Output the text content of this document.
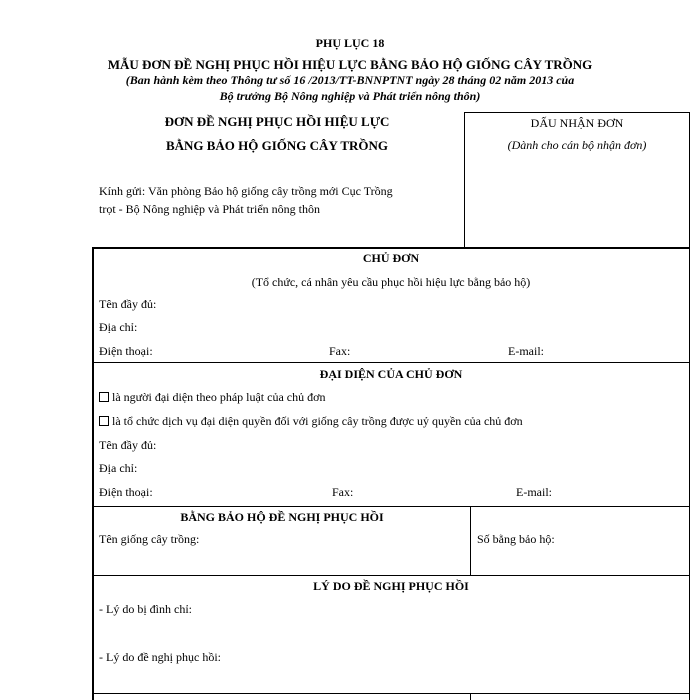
PHỤ LỤC 18
MẪU ĐƠN ĐỀ NGHỊ PHỤC HỒI HIỆU LỰC BẰNG BẢO HỘ GIỐNG CÂY TRỒNG
(Ban hành kèm theo Thông tư số 16 /2013/TT-BNNPTNT ngày 28 tháng 02 năm 2013 của
Bộ trưởng Bộ Nông nghiệp và Phát triển nông thôn)
ĐƠN ĐỀ NGHỊ PHỤC HỒI HIỆU LỰC
BẰNG BẢO HỘ GIỐNG CÂY TRỒNG
Kính gửi: Văn phòng Bảo hộ giống cây trồng mới Cục Trồng
trọt - Bộ Nông nghiệp và Phát triển nông thôn
DẤU NHẬN ĐƠN
(Dành cho cán bộ nhận đơn)
CHỦ ĐƠN
(Tổ chức, cá nhân yêu cầu phục hồi hiệu lực bằng bảo hộ)
Tên đầy đủ:
Địa chỉ:
Điện thoại:	Fax:	E-mail:
ĐẠI DIỆN CỦA CHỦ ĐƠN
là người đại diện theo pháp luật của chủ đơn
là tổ chức dịch vụ đại diện quyền đối với giống cây trồng được uỷ quyền của chủ đơn
Tên đầy đủ:
Địa chỉ:
Điện thoại:	Fax:	E-mail:
BẰNG BẢO HỘ ĐỀ NGHỊ PHỤC HỒI
Tên giống cây trồng:	Số bằng bảo hộ:
LÝ DO ĐỀ NGHỊ PHỤC HỒI
- Lý do bị đình chỉ:
- Lý do đề nghị phục hồi:
